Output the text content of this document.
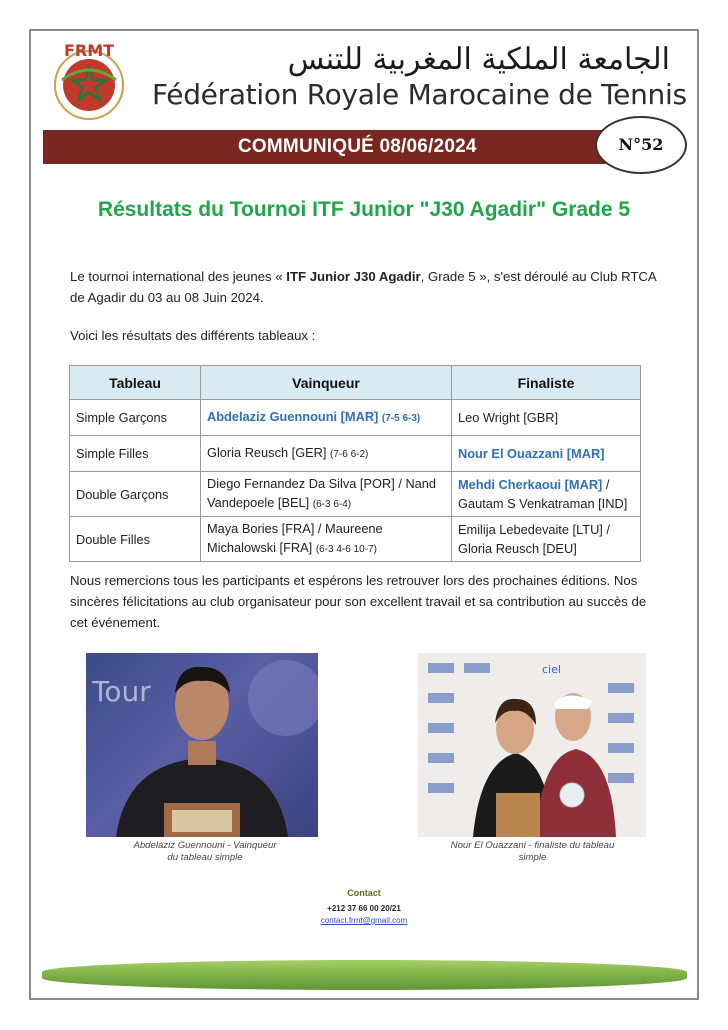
FRMT	الجامعة الملكية المغربية للتنس
Fédération Royale Marocaine de Tennis
COMMUNIQUÉ 08/06/2024	N°52
Résultats du Tournoi ITF Junior "J30 Agadir" Grade 5
Le tournoi international des jeunes « ITF Junior J30 Agadir, Grade 5 », s'est déroulé au Club RTCA de Agadir du 03 au 08 Juin 2024.
Voici les résultats des différents tableaux :
Tableau	Vainqueur	Finaliste
Simple Garçons	Abdelaziz Guennouni [MAR] (7-5 6-3)	Leo Wright [GBR]
Simple Filles	Gloria Reusch [GER] (7-6 6-2)	Nour El Ouazzani [MAR]
Double Garçons	Diego Fernandez Da Silva [POR] / Nand Vandepoele [BEL] (6-3 6-4)	Mehdi Cherkaoui [MAR] / Gautam S Venkatraman [IND]
Double Filles	Maya Bories [FRA] / Maureene Michalowski [FRA] (6-3 4-6 10-7)	Emilija Lebedevaite [LTU] / Gloria Reusch [DEU]
Nous remercions tous les participants et espérons les retrouver lors des prochaines éditions. Nos sincères félicitations au club organisateur pour son excellent travail et sa contribution au succès de cet événement.
Tour
Abdelaziz Guennouni - Vainqueur
du tableau simple
ciel
Nour El Ouazzani - finaliste du tableau
simple
Contact
+212 37 66 00 20/21
contact.frmt@gmail.com
